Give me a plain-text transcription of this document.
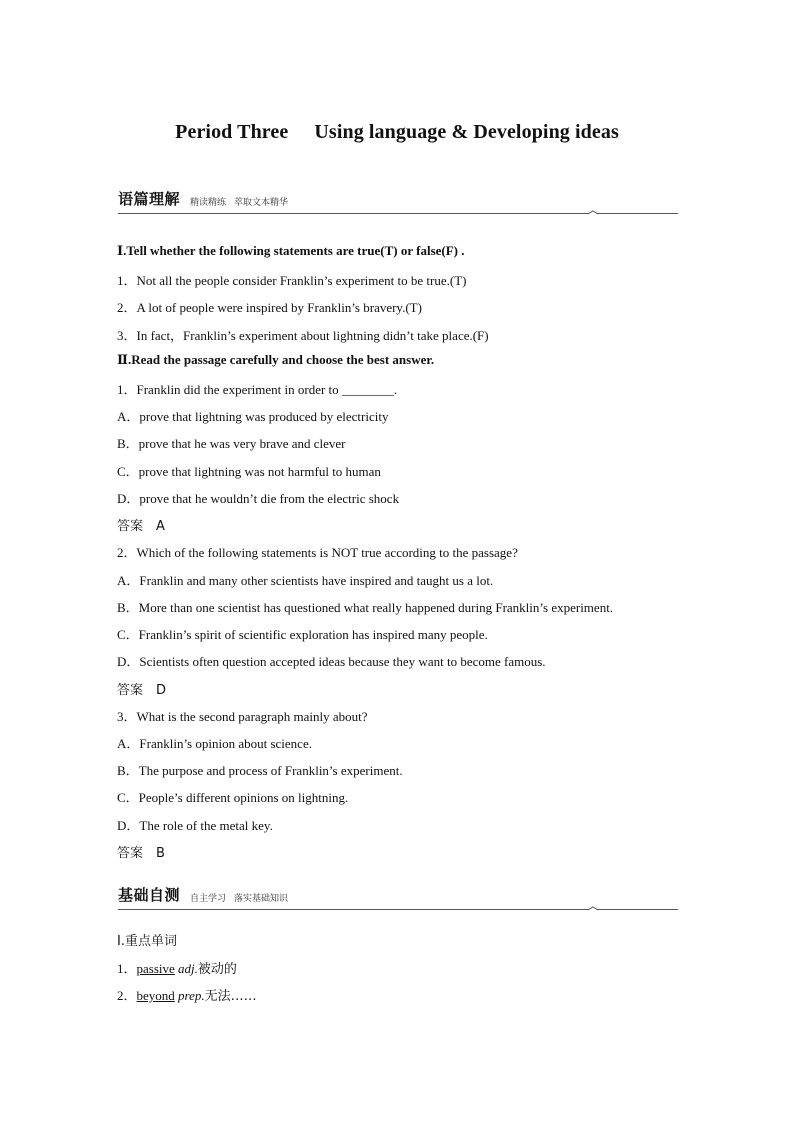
Period Three Using language & Developing ideas
语篇理解 精读精练 萃取文本精华
Ⅰ.Tell whether the following statements are true(T) or false(F) .
1．Not all the people consider Franklin’s experiment to be true.(T)
2．A lot of people were inspired by Franklin’s bravery.(T)
3．In fact，Franklin’s experiment about lightning didn’t take place.(F)
Ⅱ.Read the passage carefully and choose the best answer.
1．Franklin did the experiment in order to ________.
A．prove that lightning was produced by electricity
B．prove that he was very brave and clever
C．prove that lightning was not harmful to human
D．prove that he wouldn’t die from the electric shock
答案　A
2．Which of the following statements is NOT true according to the passage?
A．Franklin and many other scientists have inspired and taught us a lot.
B．More than one scientist has questioned what really happened during Franklin’s experiment.
C．Franklin’s spirit of scientific exploration has inspired many people.
D．Scientists often question accepted ideas because they want to become famous.
答案　D
3．What is the second paragraph mainly about?
A．Franklin’s opinion about science.
B．The purpose and process of Franklin’s experiment.
C．People’s different opinions on lightning.
D．The role of the metal key.
答案　B
基础自测 自主学习 落实基础知识
Ⅰ.重点单词
1．passive adj.被动的
2．beyond prep.无法……
